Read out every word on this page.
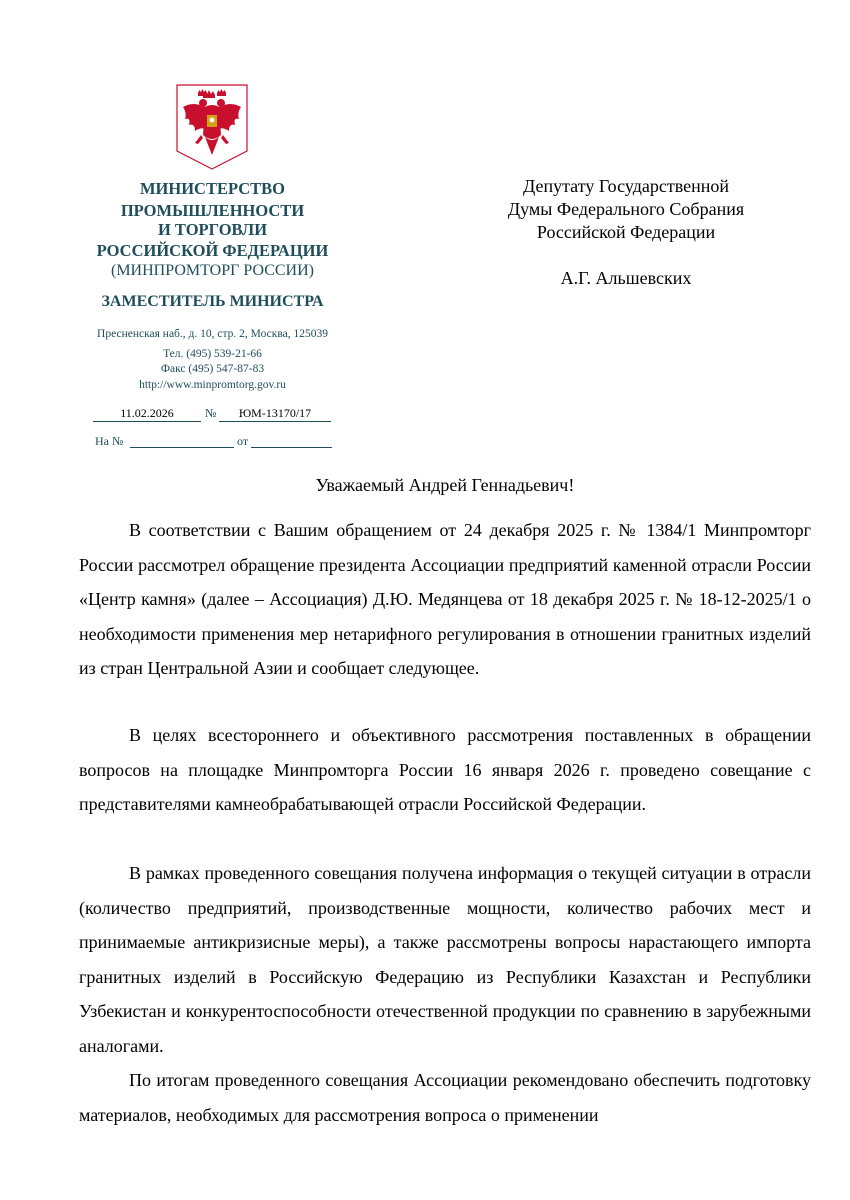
МИНИСТЕРСТВО
ПРОМЫШЛЕННОСТИ
И ТОРГОВЛИ
РОССИЙСКОЙ ФЕДЕРАЦИИ
(МИНПРОМТОРГ РОССИИ)
ЗАМЕСТИТЕЛЬ МИНИСТРА
Пресненская наб., д. 10, стр. 2, Москва, 125039
Тел. (495) 539-21-66
Факс (495) 547-87-83
http://www.minpromtorg.gov.ru
11.02.2026	№	ЮМ-13170/17
На №	от
Депутату Государственной
Думы Федерального Собрания
Российской Федерации
А.Г. Альшевских
Уважаемый Андрей Геннадьевич!

В соответствии с Вашим обращением от 24 декабря 2025 г. № 1384/1 Минпромторг России рассмотрел обращение президента Ассоциации предприятий каменной отрасли России «Центр камня» (далее – Ассоциация) Д.Ю. Медянцева от 18 декабря 2025 г. № 18-12-2025/1 о необходимости применения мер нетарифного регулирования в отношении гранитных изделий из стран Центральной Азии и сообщает следующее.

В целях всестороннего и объективного рассмотрения поставленных в обращении вопросов на площадке Минпромторга России 16 января 2026 г. проведено совещание с представителями камнеобрабатывающей отрасли Российской Федерации.

В рамках проведенного совещания получена информация о текущей ситуации в отрасли (количество предприятий, производственные мощности, количество рабочих мест и принимаемые антикризисные меры), а также рассмотрены вопросы нарастающего импорта гранитных изделий в Российскую Федерацию из Республики Казахстан и Республики Узбекистан и конкурентоспособности отечественной продукции по сравнению в зарубежными аналогами.

По итогам проведенного совещания Ассоциации рекомендовано обеспечить подготовку материалов, необходимых для рассмотрения вопроса о применении
